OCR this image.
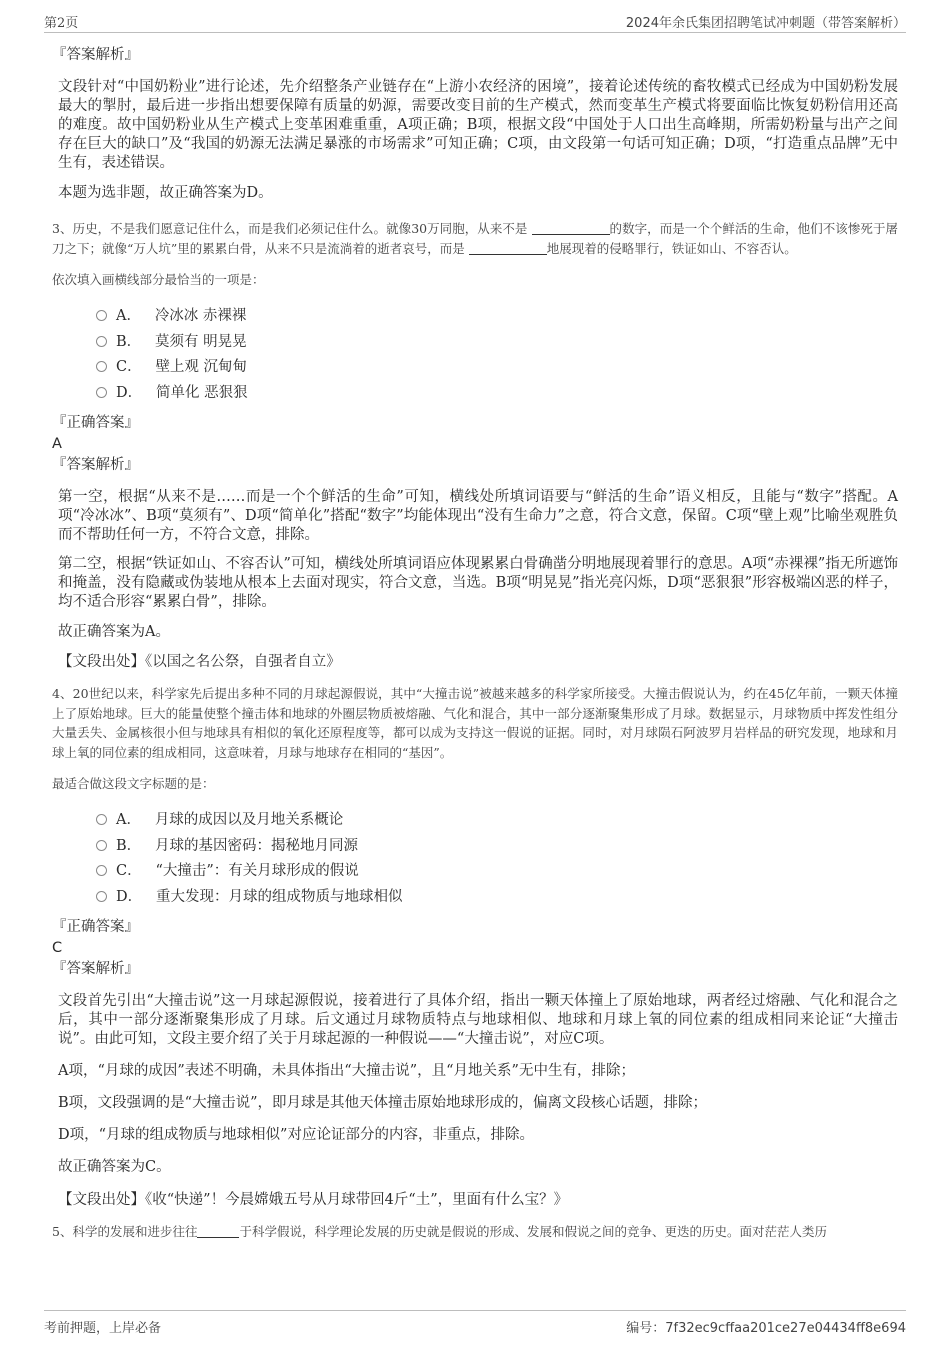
第2页	2024年余氏集团招聘笔试冲刺题（带答案解析）

『答案解析』

文段针对“中国奶粉业”进行论述，先介绍整条产业链存在“上游小农经济的困境”，接着论述传统的畜牧模式已经成为中国奶粉发展最大的掣肘，最后进一步指出想要保障有质量的奶源，需要改变目前的生产模式，然而变革生产模式将要面临比恢复奶粉信用还高的难度。故中国奶粉业从生产模式上变革困难重重，A项正确；B项，根据文段“中国处于人口出生高峰期，所需奶粉量与出产之间存在巨大的缺口”及“我国的奶源无法满足暴涨的市场需求”可知正确；C项，由文段第一句话可知正确；D项，“打造重点品牌”无中生有，表述错误。

本题为选非题，故正确答案为D。

3、历史，不是我们愿意记住什么，而是我们必须记住什么。就像30万同胞，从来不是	的数字，而是一个个鲜活的生命，他们不该惨死于屠刀之下；就像“万人坑”里的累累白骨，从来不只是流淌着的逝者哀号，而是	地展现着的侵略罪行，铁证如山、不容否认。

依次填入画横线部分最恰当的一项是：

A． 冷冰冰 赤裸裸
B． 莫须有 明晃晃
C． 壁上观 沉甸甸
D． 简单化 恶狠狠

『正确答案』

A

『答案解析』

第一空，根据“从来不是……而是一个个鲜活的生命”可知，横线处所填词语要与“鲜活的生命”语义相反，且能与“数字”搭配。A项“冷冰冰”、B项“莫须有”、D项“简单化”搭配“数字”均能体现出“没有生命力”之意，符合文意，保留。C项“壁上观”比喻坐观胜负而不帮助任何一方，不符合文意，排除。

第二空，根据“铁证如山、不容否认”可知，横线处所填词语应体现累累白骨确凿分明地展现着罪行的意思。A项“赤裸裸”指无所遮饰和掩盖，没有隐藏或伪装地从根本上去面对现实，符合文意，当选。B项“明晃晃”指光亮闪烁，D项“恶狠狠”形容极端凶恶的样子，均不适合形容“累累白骨”，排除。

故正确答案为A。

【文段出处】《以国之名公祭，自强者自立》

4、20世纪以来，科学家先后提出多种不同的月球起源假说，其中“大撞击说”被越来越多的科学家所接受。大撞击假说认为，约在45亿年前，一颗天体撞上了原始地球。巨大的能量使整个撞击体和地球的外圈层物质被熔融、气化和混合，其中一部分逐渐聚集形成了月球。数据显示，月球物质中挥发性组分大量丢失、金属核很小但与地球具有相似的氧化还原程度等，都可以成为支持这一假说的证据。同时，对月球陨石阿波罗月岩样品的研究发现，地球和月球上氧的同位素的组成相同，这意味着，月球与地球存在相同的“基因”。

最适合做这段文字标题的是：

A． 月球的成因以及月地关系概论
B． 月球的基因密码：揭秘地月同源
C． “大撞击”：有关月球形成的假说
D． 重大发现：月球的组成物质与地球相似

『正确答案』

C

『答案解析』

文段首先引出“大撞击说”这一月球起源假说，接着进行了具体介绍，指出一颗天体撞上了原始地球，两者经过熔融、气化和混合之后，其中一部分逐渐聚集形成了月球。后文通过月球物质特点与地球相似、地球和月球上氧的同位素的组成相同来论证“大撞击说”。由此可知，文段主要介绍了关于月球起源的一种假说——“大撞击说”，对应C项。

A项，“月球的成因”表述不明确，未具体指出“大撞击说”，且“月地关系”无中生有，排除；

B项，文段强调的是“大撞击说”，即月球是其他天体撞击原始地球形成的，偏离文段核心话题，排除；

D项，“月球的组成物质与地球相似”对应论证部分的内容，非重点，排除。

故正确答案为C。

【文段出处】《收“快递”！今晨嫦娥五号从月球带回4斤“土”，里面有什么宝？》

5、科学的发展和进步往往	于科学假说，科学理论发展的历史就是假说的形成、发展和假说之间的竞争、更迭的历史。面对茫茫人类历

考前押题，上岸必备	编号：7f32ec9cffaa201ce27e04434ff8e694
